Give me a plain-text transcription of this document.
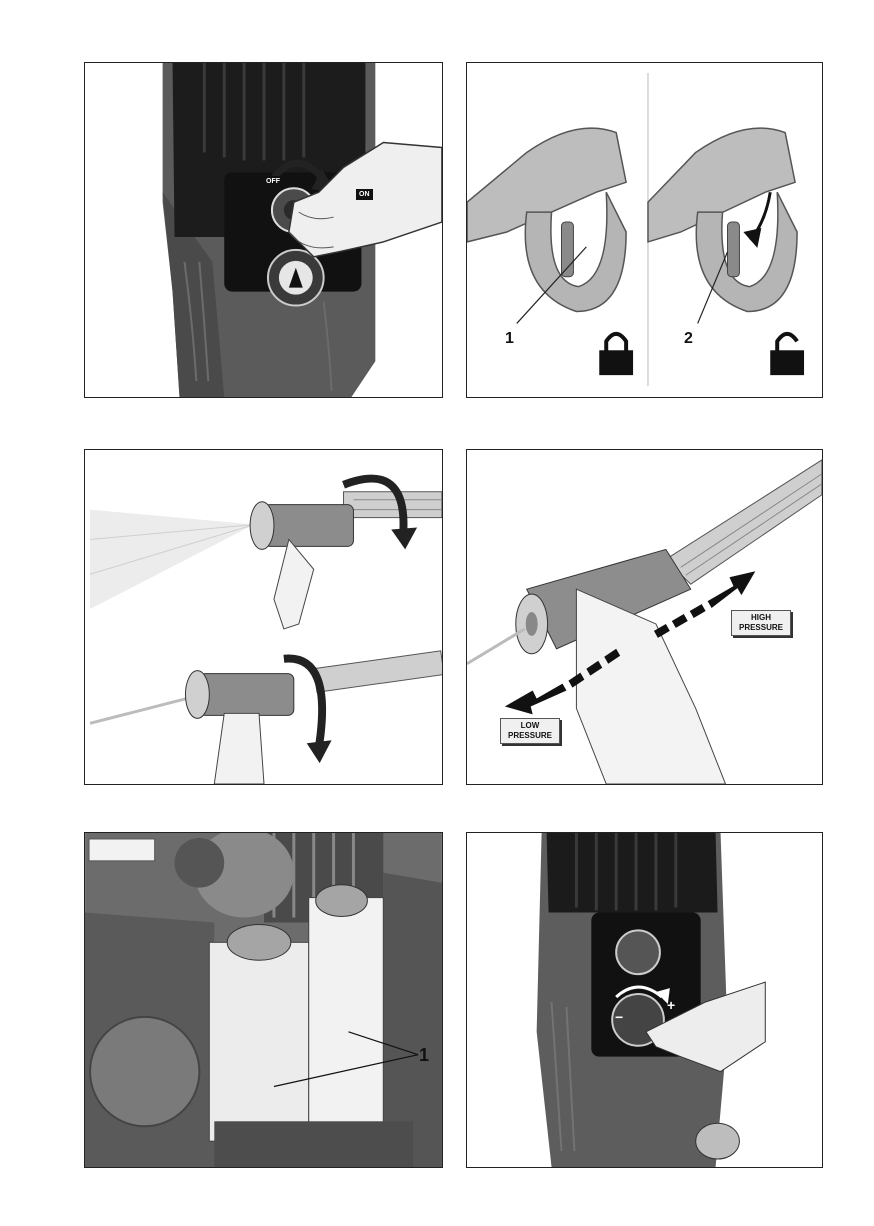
OFF
ON
1	2
HIGH
PRESSURE
LOW
PRESSURE
1
+
−
